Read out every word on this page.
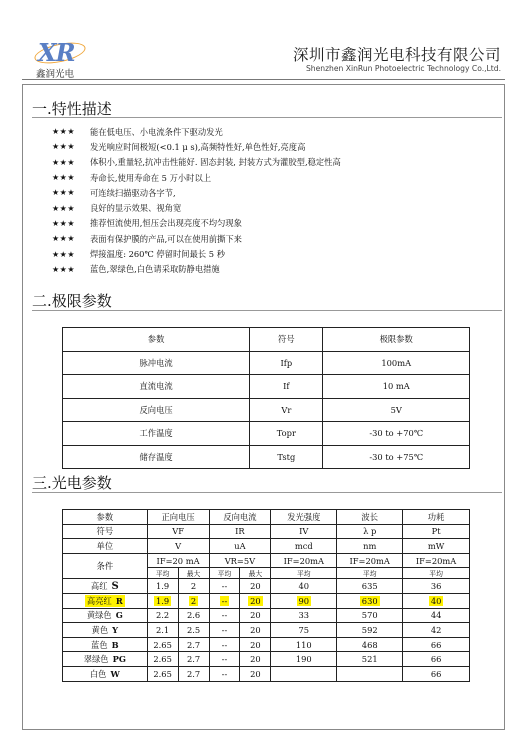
XR
鑫润光电
深圳市鑫润光电科技有限公司
Shenzhen XinRun Photoelectric Technology Co.,Ltd.
一.特性描述
★★★	能在低电压、小电流条件下驱动发光
★★★	发光响应时间极短(<0.1 μ s),高频特性好,单色性好,亮度高
★★★	体积小,重量轻,抗冲击性能好. 固态封装, 封装方式为灌胶型,稳定性高
★★★	寿命长,使用寿命在 5 万小时以上
★★★	可连续扫描驱动各字节,
★★★	良好的显示效果、视角宽
★★★	推荐恒流使用,恒压会出现亮度不均匀现象
★★★	表面有保护膜的产品,可以在使用前撕下来
★★★	焊接温度: 260℃ 停留时间最长 5 秒
★★★	蓝色,翠绿色,白色请采取防静电措施
二.极限参数
参数	符号	极限参数
脉冲电流	Ifp	100mA
直流电流	If	10 mA
反向电压	Vr	5V
工作温度	Topr	-30 to +70℃
储存温度	Tstg	-30 to +75℃
三.光电参数
参数	正向电压		反向电流		发光强度	波长	功耗
符号	VF		IR		IV	λ p	Pt
单位	V		uA		mcd	nm	mW
条件	IF=20 mA		VR=5V		IF=20mA	IF=20mA	IF=20mA
	平均	最大	平均	最大	平均	平均	平均
高红 S	1.9	2	--	20	40	635	36
高亮红 R	1.9	2	--	20	90	630	40
黄绿色 G	2.2	2.6	--	20	33	570	44
黄色 Y	2.1	2.5	--	20	75	592	42
蓝色 B	2.65	2.7	--	20	110	468	66
翠绿色 PG	2.65	2.7	--	20	190	521	66
白色 W	2.65	2.7	--	20			66
